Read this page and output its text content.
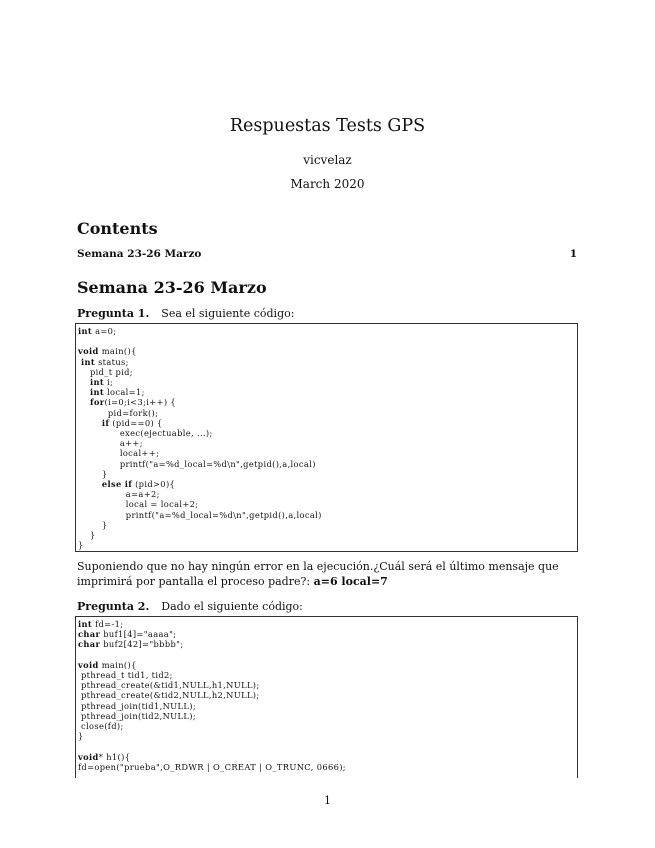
Respuestas Tests GPS
vicvelaz
March 2020
Contents
Semana 23-26 Marzo	1
Semana 23-26 Marzo
Pregunta 1. Sea el siguiente código:
int a=0;

void main(){
int status;
pid_t pid;
int i;
int local=1;
for(i=0;i<3;i++) {
pid=fork();
if (pid==0) {
exec(ejectuable, ...);
a++;
local++;
printf("a=%d_local=%d\n",getpid(),a,local)
}
else if (pid>0){
a=a+2;
local = local+2;
printf("a=%d_local=%d\n",getpid(),a,local)
}
}
}
Suponiendo que no hay ningún error en la ejecución.¿Cuál será el último mensaje que imprimirá por pantalla el proceso padre?: a=6 local=7
Pregunta 2. Dado el siguiente código:
int fd=-1;
char buf1[4]="aaaa";
char buf2[42]="bbbb";

void main(){
pthread_t tid1, tid2;
pthread_create(&tid1,NULL,h1,NULL);
pthread_create(&tid2,NULL,h2,NULL);
pthread_join(tid1,NULL);
pthread_join(tid2,NULL);
close(fd);
}

void* h1(){
fd=open("prueba",O_RDWR | O_CREAT | O_TRUNC, 0666);
1
